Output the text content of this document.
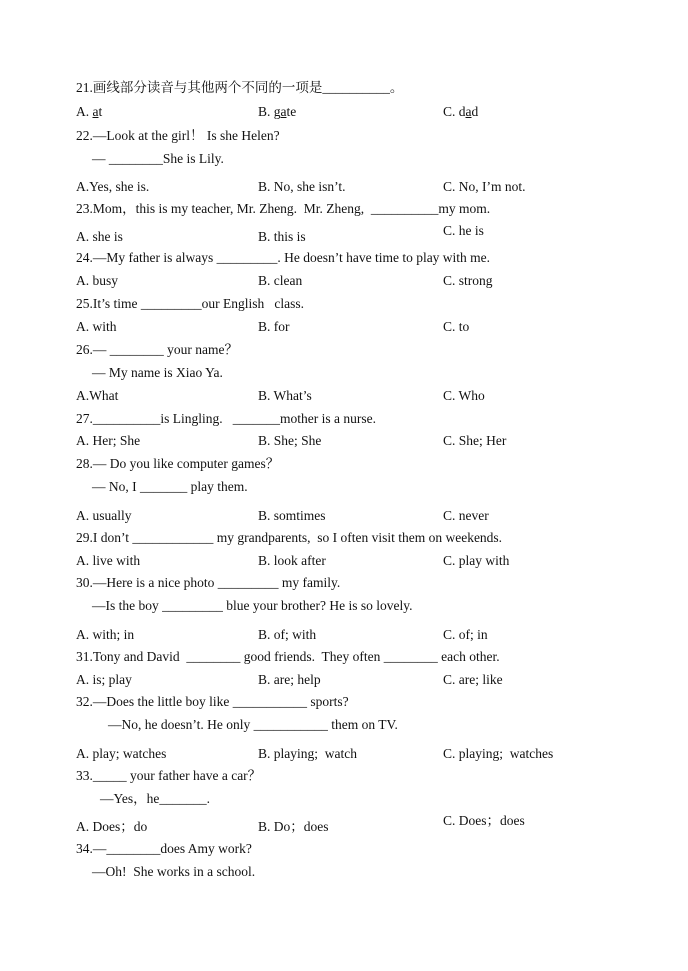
21.画线部分读音与其他两个不同的一项是__________。
A. at	B. gate	C. dad
22.—Look at the girl！ Is she Helen?
— ________She is Lily.
A.Yes, she is.	B. No, she isn’t.	C. No, I’m not.
23.Mom，this is my teacher, Mr. Zheng.  Mr. Zheng,  __________my mom.
A. she is	B. this is	C. he is
24.—My father is always _________. He doesn’t have time to play with me.
A. busy	B. clean	C. strong
25.It’s time _________our English   class.
A. with	B. for	C. to
26.— ________ your name？
— My name is Xiao Ya.
A.What	B. What’s	C. Who
27.__________is Lingling.   _______mother is a nurse.
A. Her; She	B. She; She	C. She; Her
28.— Do you like computer games？
— No, I _______ play them.
A. usually	B. somtimes	C. never
29.I don’t ____________ my grandparents,  so I often visit them on weekends.
A. live with	B. look after	C. play with
30.—Here is a nice photo _________ my family.
—Is the boy _________ blue your brother? He is so lovely.
A. with; in	B. of; with	C. of; in
31.Tony and David  ________ good friends.  They often ________ each other.
A. is; play	B. are; help	C. are; like
32.—Does the little boy like ___________ sports?
—No, he doesn’t. He only ___________ them on TV.
A. play; watches	B. playing;  watch	C. playing;  watches
33._____ your father have a car？
—Yes，he_______.
A. Does；do	B. Do；does	C. Does；does
34.—________does Amy work?
—Oh!  She works in a school.
